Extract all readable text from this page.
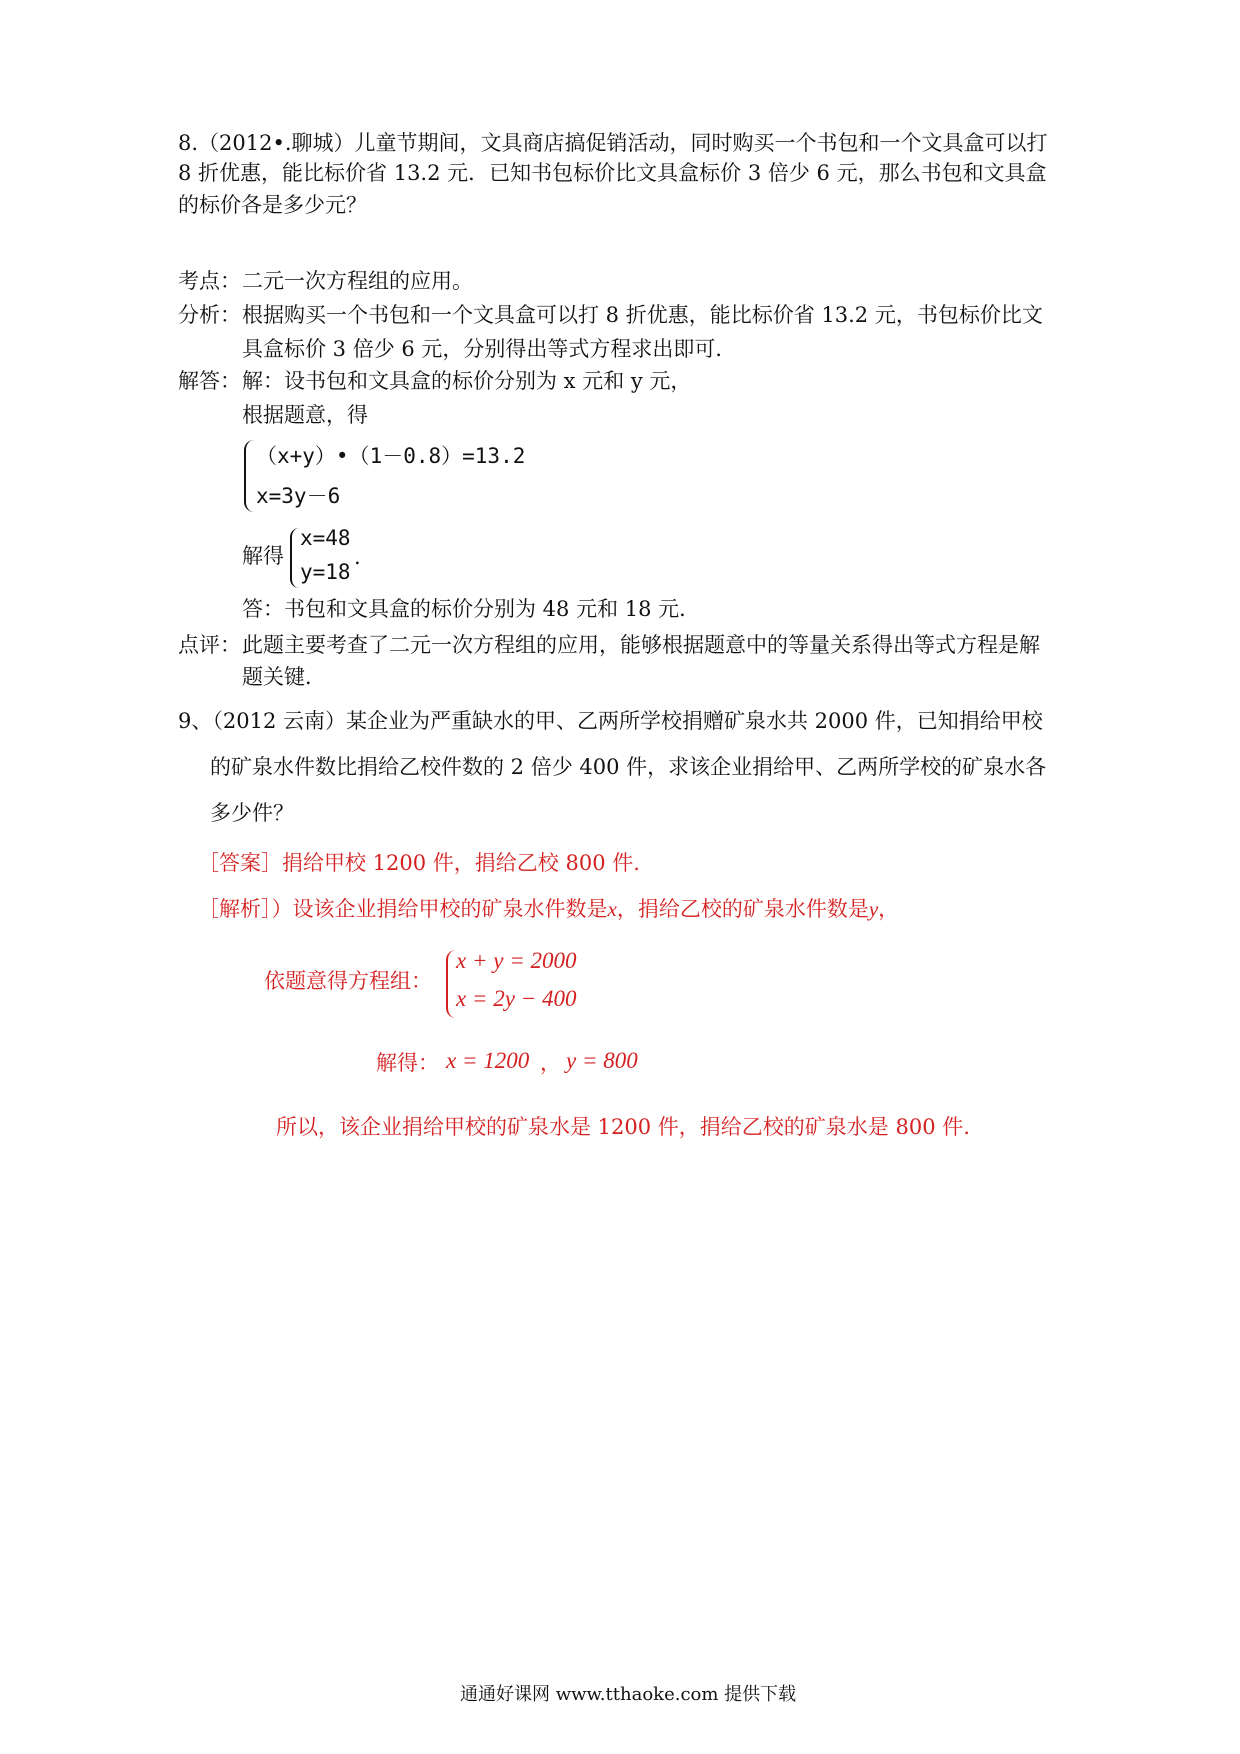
8.（2012•.聊城）儿童节期间，文具商店搞促销活动，同时购买一个书包和一个文具盒可以打
8 折优惠，能比标价省 13.2 元．已知书包标价比文具盒标价 3 倍少 6 元，那么书包和文具盒
的标价各是多少元？
考点： 二元一次方程组的应用。
分析： 根据购买一个书包和一个文具盒可以打 8 折优惠，能比标价省 13.2 元，书包标价比文
具盒标价 3 倍少 6 元，分别得出等式方程求出即可．
解答： 解：设书包和文具盒的标价分别为 x 元和 y 元，
根据题意，得
（x+y）•（1－0.8）=13.2
x=3y－6
解得
x=48
y=18
.
答：书包和文具盒的标价分别为 48 元和 18 元．
点评： 此题主要考查了二元一次方程组的应用，能够根据题意中的等量关系得出等式方程是解
题关键．
9、（2012 云南）某企业为严重缺水的甲、乙两所学校捐赠矿泉水共 2000 件，已知捐给甲校
的矿泉水件数比捐给乙校件数的 2 倍少 400 件，求该企业捐给甲、乙两所学校的矿泉水各
多少件？
［答案］捐给甲校 1200 件，捐给乙校 800 件.
［解析］）设该企业捐给甲校的矿泉水件数是x，捐给乙校的矿泉水件数是y，
依题意得方程组：
x + y = 2000
x = 2y − 400
解得： x = 1200 ， y = 800
所以，该企业捐给甲校的矿泉水是 1200 件，捐给乙校的矿泉水是 800 件.
通通好课网 www.tthaoke.com 提供下载
